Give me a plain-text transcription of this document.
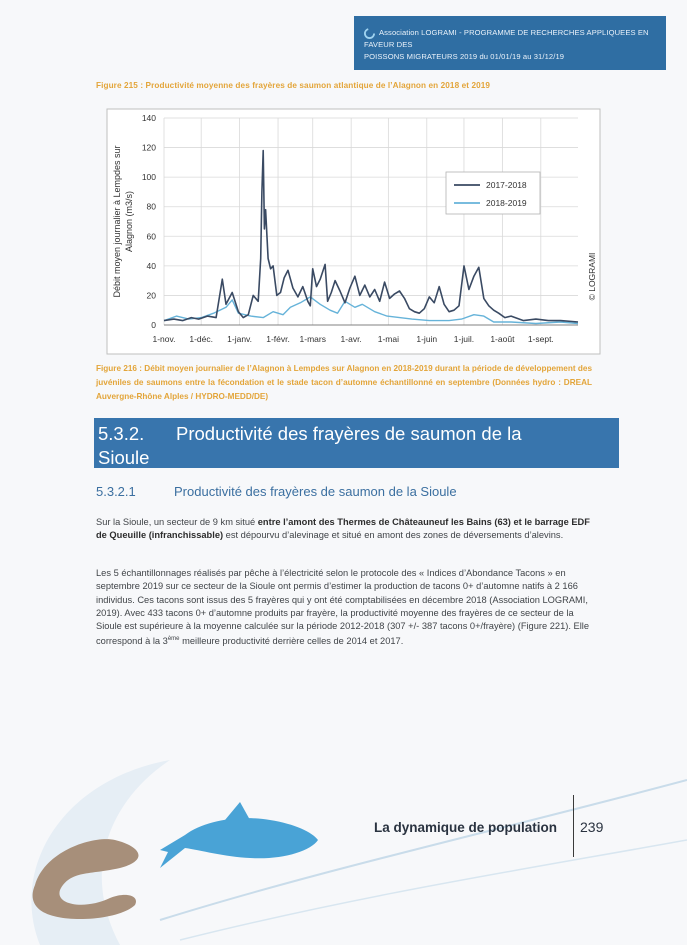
Association LOGRAMI - PROGRAMME DE RECHERCHES APPLIQUEES EN FAVEUR DES
POISSONS MIGRATEURS 2019 du 01/01/19 au 31/12/19
Figure 215 : Productivité moyenne des frayères de saumon atlantique de l’Alagnon en 2018 et 2019
0
20
40
60
80
100
120
140
1-nov. 1-déc. 1-janv. 1-févr. 1-mars 1-avr. 1-mai 1-juin 1-juil. 1-août 1-sept.
Débit moyen journalier à Lempdes sur Alagnon (m3/s)
2017-2018
2018-2019
© LOGRAMI
Figure 216 : Débit moyen journalier de l’Alagnon à Lempdes sur Alagnon en 2018-2019 durant la période de développement des juvéniles de saumons entre la fécondation et le stade tacon d’automne échantillonné en septembre (Données hydro : DREAL Auvergne-Rhône Alples / HYDRO-MEDD/DE)
5.3.2. Productivité des frayères de saumon de la
Sioule
5.3.2.1	Productivité des frayères de saumon de la Sioule
Sur la Sioule, un secteur de 9 km situé entre l’amont des Thermes de Châteauneuf les Bains (63) et le barrage EDF de Queuille (infranchissable) est dépourvu d’alevinage et situé en amont des zones de déversements d’alevins.
Les 5 échantillonnages réalisés par pêche à l’électricité selon le protocole des « Indices d’Abondance Tacons » en septembre 2019 sur ce secteur de la Sioule ont permis d’estimer la production de tacons 0+ d’automne natifs à 2 166 individus. Ces tacons sont issus des 5 frayères qui y ont été comptabilisées en décembre 2018 (Association LOGRAMI, 2019). Avec 433 tacons 0+ d’automne produits par frayère, la productivité moyenne des frayères de ce secteur de la Sioule est supérieure à la moyenne calculée sur la période 2012-2018 (307 +/- 387 tacons 0+/frayère) (Figure 221). Elle correspond à la 3ème meilleure productivité derrière celles de 2014 et 2017.
La dynamique de population 239
